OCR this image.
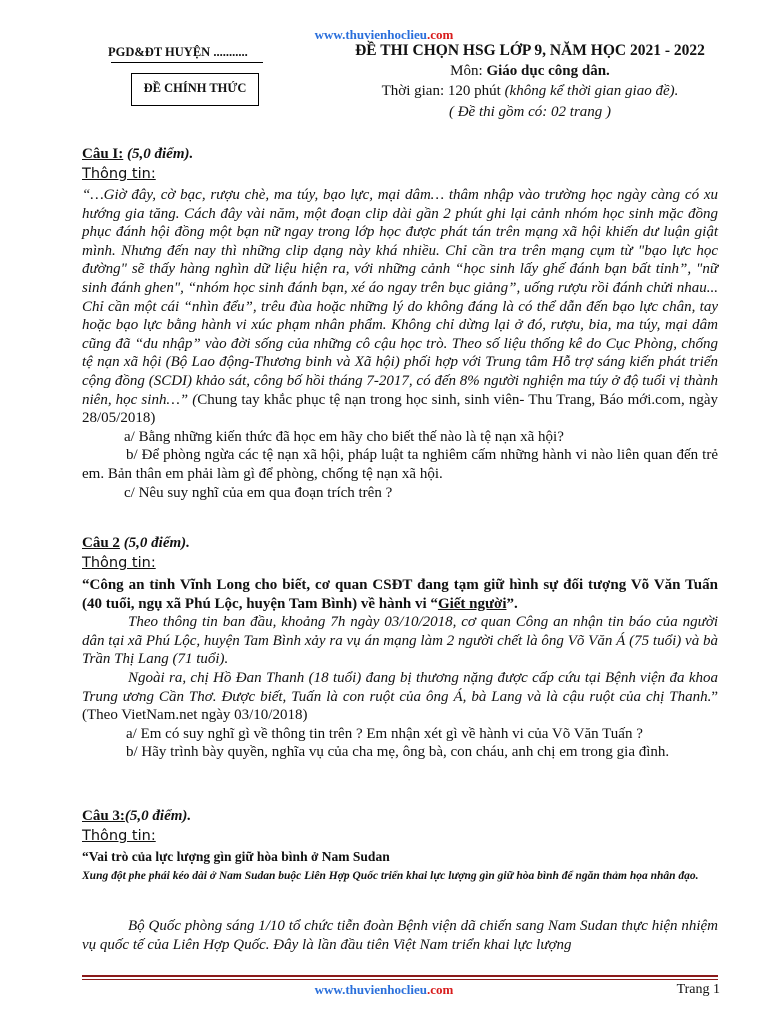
www.thuvienhoclieu.com
PGD&ĐT HUYỆN ...........
ĐỀ CHÍNH THỨC
ĐỀ THI CHỌN HSG LỚP 9, NĂM HỌC 2021 - 2022
Môn: Giáo dục công dân.
Thời gian: 120 phút (không kể thời gian giao đề).
( Đề thi gồm có: 02 trang )
Câu I: (5,0 điểm).
Thông tin:

“…Giờ đây, cờ bạc, rượu chè, ma túy, bạo lực, mại dâm… thâm nhập vào trường học ngày càng có xu hướng gia tăng. Cách đây vài năm, một đoạn clip dài gần 2 phút ghi lại cảnh nhóm học sinh mặc đồng phục đánh hội đồng một bạn nữ ngay trong lớp học được phát tán trên mạng xã hội khiến dư luận giật mình. Nhưng đến nay thì những clip dạng này khá nhiều. Chỉ cần tra trên mạng cụm từ "bạo lực học đường" sẽ thấy hàng nghìn dữ liệu hiện ra, với những cảnh “học sinh lấy ghế đánh bạn bất tỉnh”, "nữ sinh đánh ghen", “nhóm học sinh đánh bạn, xé áo ngay trên bục giảng”, uống rượu rồi đánh chửi nhau... Chỉ cần một cái “nhìn đểu”, trêu đùa hoặc những lý do không đáng là có thể dẫn đến bạo lực chân, tay hoặc bạo lực bằng hành vi xúc phạm nhân phẩm. Không chỉ dừng lại ở đó, rượu, bia, ma túy, mại dâm cũng đã “du nhập” vào đời sống của những cô cậu học trò. Theo số liệu thống kê do Cục Phòng, chống tệ nạn xã hội (Bộ Lao động-Thương binh và Xã hội) phối hợp với Trung tâm Hỗ trợ sáng kiến phát triển cộng đồng (SCDI) khảo sát, công bố hồi tháng 7-2017, có đến 8% người nghiện ma túy ở độ tuổi vị thành niên, học sinh…” (Chung tay khắc phục tệ nạn trong học sinh, sinh viên- Thu Trang, Báo mới.com, ngày 28/05/2018)

a/ Bằng những kiến thức đã học em hãy cho biết thế nào là tệ nạn xã hội?

b/ Để phòng ngừa các tệ nạn xã hội, pháp luật ta nghiêm cấm những hành vi nào liên quan đến trẻ em. Bản thân em phải làm gì để phòng, chống tệ nạn xã hội.

c/ Nêu suy nghĩ của em qua đoạn trích trên ?

Câu 2 (5,0 điểm).
Thông tin:

“Công an tỉnh Vĩnh Long cho biết, cơ quan CSĐT đang tạm giữ hình sự đối tượng Võ Văn Tuấn (40 tuổi, ngụ xã Phú Lộc, huyện Tam Bình) về hành vi “Giết người”.

Theo thông tin ban đầu, khoảng 7h ngày 03/10/2018, cơ quan Công an nhận tin báo của người dân tại xã Phú Lộc, huyện Tam Bình xảy ra vụ án mạng làm 2 người chết là ông Võ Văn Á (75 tuổi) và bà Trần Thị Lang (71 tuổi).

Ngoài ra, chị Hồ Đan Thanh (18 tuổi) đang bị thương nặng được cấp cứu tại Bệnh viện đa khoa Trung ương Cần Thơ. Được biết, Tuấn là con ruột của ông Á, bà Lang và là cậu ruột của chị Thanh.” (Theo VietNam.net ngày 03/10/2018)

a/ Em có suy nghĩ gì về thông tin trên ? Em nhận xét gì về hành vi của Võ Văn Tuấn ?

b/ Hãy trình bày quyền, nghĩa vụ của cha mẹ, ông bà, con cháu, anh chị em trong gia đình.

Câu 3:(5,0 điểm).
Thông tin:
“Vai trò của lực lượng gìn giữ hòa bình ở Nam Sudan
Xung đột phe phái kéo dài ở Nam Sudan buộc Liên Hợp Quốc triển khai lực lượng gìn giữ hòa bình để ngăn thảm họa nhân đạo.

Bộ Quốc phòng sáng 1/10 tổ chức tiễn đoàn Bệnh viện dã chiến sang Nam Sudan thực hiện nhiệm vụ quốc tế của Liên Hợp Quốc. Đây là lần đầu tiên Việt Nam triển khai lực lượng

www.thuvienhoclieu.com	Trang 1
